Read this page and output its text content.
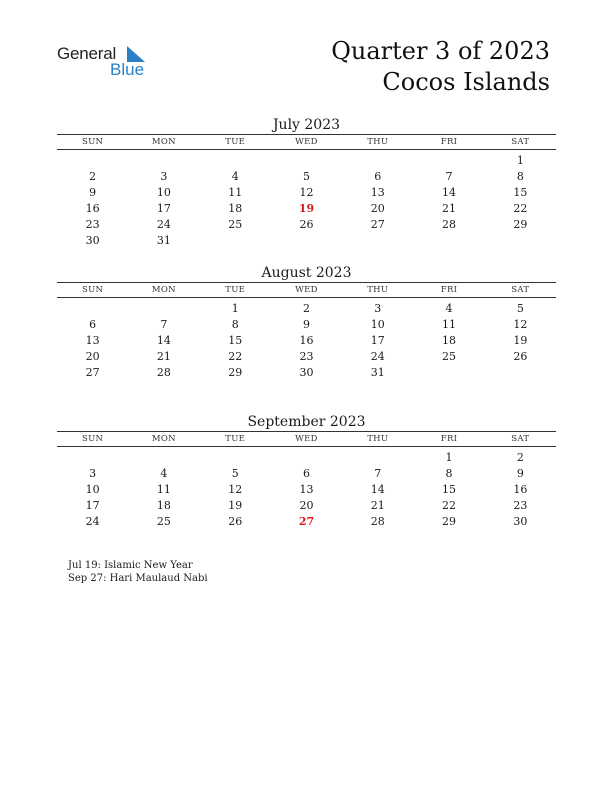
General
Blue
Quarter 3 of 2023
Cocos Islands
July 2023
SUN	MON	TUE	WED	THU	FRI	SAT
						1
2	3	4	5	6	7	8
9	10	11	12	13	14	15
16	17	18	19	20	21	22
23	24	25	26	27	28	29
30	31					
August 2023
SUN	MON	TUE	WED	THU	FRI	SAT
		1	2	3	4	5
6	7	8	9	10	11	12
13	14	15	16	17	18	19
20	21	22	23	24	25	26
27	28	29	30	31		
September 2023
SUN	MON	TUE	WED	THU	FRI	SAT
					1	2
3	4	5	6	7	8	9
10	11	12	13	14	15	16
17	18	19	20	21	22	23
24	25	26	27	28	29	30
Jul 19: Islamic New Year
Sep 27: Hari Maulaud Nabi
